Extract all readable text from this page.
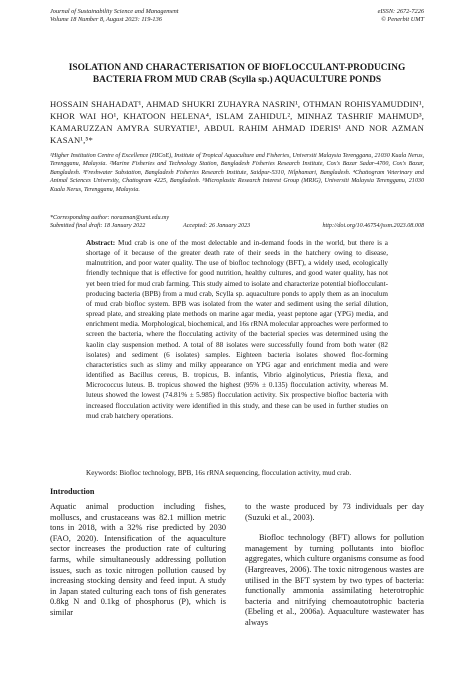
Journal of Sustainability Science and Management
Volume 18 Number 8, August 2023: 119-136
eISSN: 2672-7226
© Penerbit UMT
ISOLATION AND CHARACTERISATION OF BIOFLOCCULANT-PRODUCING BACTERIA FROM MUD CRAB (Scylla sp.) AQUACULTURE PONDS
HOSSAIN SHAHADAT¹, AHMAD SHUKRI ZUHAYRA NASRIN¹, OTHMAN ROHISYAMUDDIN¹, KHOR WAI HO¹, KHATOON HELENA⁴, ISLAM ZAHIDUL², MINHAZ TASHRIF MAHMUD³, KAMARUZZAN AMYRA SURYATIE¹, ABDUL RAHIM AHMAD IDERIS¹ AND NOR AZMAN KASAN¹,⁵*
¹Higher Institution Centre of Excellence (HICoE), Institute of Tropical Aquaculture and Fisheries, Universiti Malaysia Terengganu, 21030 Kuala Nerus, Terengganu, Malaysia. ²Marine Fisheries and Technology Station, Bangladesh Fisheries Research Institute, Cox's Bazar Sadar-4700, Cox's Bazar, Bangladesh. ³Freshwater Substation, Bangladesh Fisheries Research Institute, Saidpur-5310, Nilphamari, Bangladesh. ⁴Chattogram Veterinary and Animal Sciences University, Chattogram 4225, Bangladesh. ⁵Microplastic Research Interest Group (MRIG), Universiti Malaysia Terengganu, 21030 Kuala Nerus, Terengganu, Malaysia.
*Corresponding author: norazman@umt.edu.my
Submitted final draft: 18 January 2022	Accepted: 26 January 2023	http://doi.org/10.46754/jssm.2023.08.008
Abstract: Mud crab is one of the most delectable and in-demand foods in the world, but there is a shortage of it because of the greater death rate of their seeds in the hatchery owing to disease, malnutrition, and poor water quality. The use of biofloc technology (BFT), a widely used, ecologically friendly technique that is effective for good nutrition, healthy cultures, and good water quality, has not yet been tried for mud crab farming. This study aimed to isolate and characterize potential bioflocculant-producing bacteria (BPB) from a mud crab, Scylla sp. aquaculture ponds to apply them as an inoculum of mud crab biofloc system. BPB was isolated from the water and sediment using the serial dilution, spread plate, and streaking plate methods on marine agar media, yeast peptone agar (YPG) media, and enrichment media. Morphological, biochemical, and 16s rRNA molecular approaches were performed to screen the bacteria, where the flocculating activity of the bacterial species was determined using the kaolin clay suspension method. A total of 88 isolates were successfully found from both water (82 isolates) and sediment (6 isolates) samples. Eighteen bacteria isolates showed floc-forming characteristics such as slimy and milky appearance on YPG agar and enrichment media and were identified as Bacillus cereus, B. tropicus, B. infantis, Vibrio alginolyticus, Priestia flexa, and Micrococcus luteus. B. tropicus showed the highest (95% ± 0.135) flocculation activity, whereas M. luteus showed the lowest (74.81% ± 5.985) flocculation activity. Six prospective biofloc bacteria with increased flocculation activity were identified in this study, and these can be used in further studies on mud crab hatchery operations.
Keywords: Biofloc technology, BPB, 16s rRNA sequencing, flocculation activity, mud crab.
Introduction
Aquatic animal production including fishes, molluscs, and crustaceans was 82.1 million metric tons in 2018, with a 32% rise predicted by 2030 (FAO, 2020). Intensification of the aquaculture sector increases the production rate of culturing farms, while simultaneously addressing pollution issues, such as toxic nitrogen pollution caused by increasing stocking density and feed input. A study in Japan stated culturing each tons of fish generates 0.8kg N and 0.1kg of phosphorus (P), which is similar
to the waste produced by 73 individuals per day (Suzuki et al., 2003).
Biofloc technology (BFT) allows for pollution management by turning pollutants into biofloc aggregates, which culture organisms consume as food (Hargreaves, 2006). The toxic nitrogenous wastes are utilised in the BFT system by two types of bacteria: functionally ammonia assimilating heterotrophic bacteria and nitrifying chemoautotrophic bacteria (Ebeling et al., 2006a). Aquaculture wastewater has always
